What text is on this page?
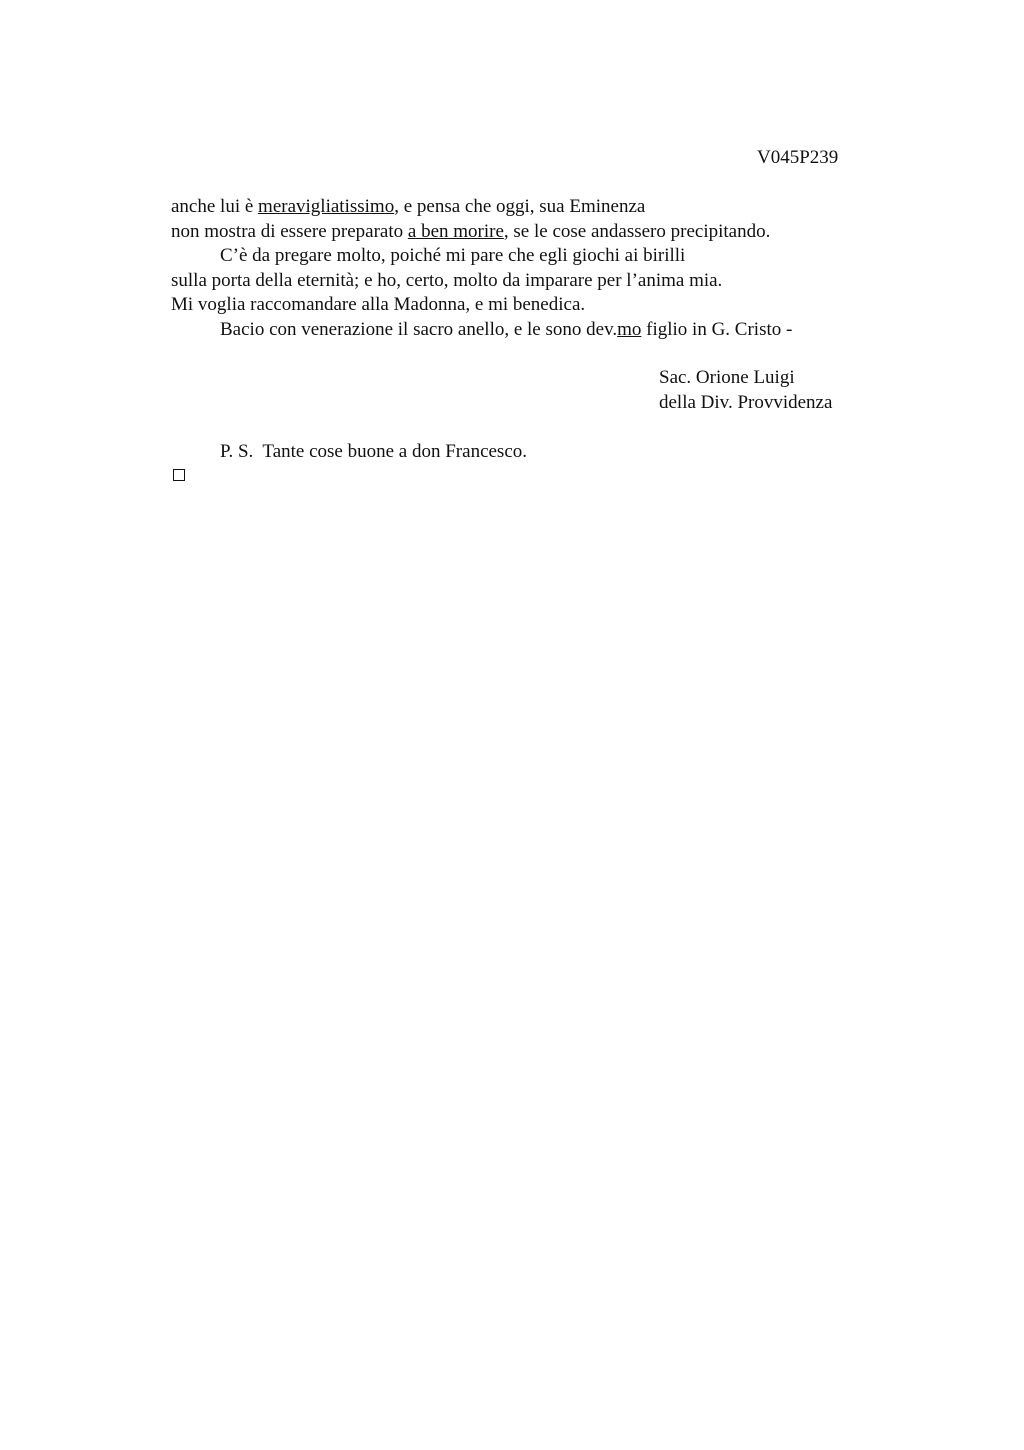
V045P239
anche lui è meravigliatissimo, e pensa che oggi, sua Eminenza
non mostra di essere preparato a ben morire, se le cose andassero precipitando.
C’è da pregare molto, poiché mi pare che egli giochi ai birilli
sulla porta della eternità; e ho, certo, molto da imparare per l’anima mia.
Mi voglia raccomandare alla Madonna, e mi benedica.
Bacio con venerazione il sacro anello, e le sono dev.mo figlio in G. Cristo -
Sac. Orione Luigi
della Div. Provvidenza
P. S.  Tante cose buone a don Francesco.
